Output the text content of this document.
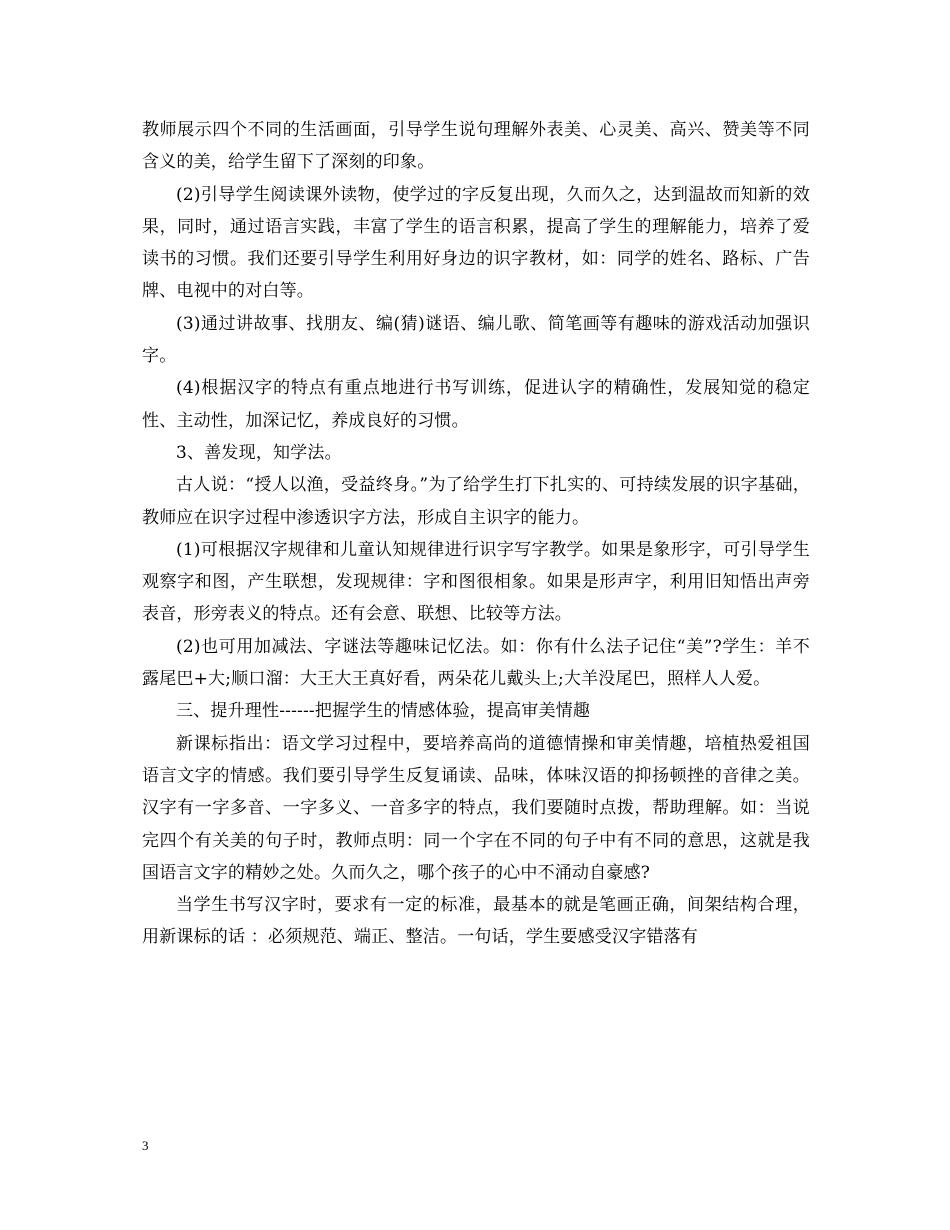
教师展示四个不同的生活画面，引导学生说句理解外表美、心灵美、高兴、赞美等不同含义的美，给学生留下了深刻的印象。

(2)引导学生阅读课外读物，使学过的字反复出现，久而久之，达到温故而知新的效果，同时，通过语言实践，丰富了学生的语言积累，提高了学生的理解能力，培养了爱读书的习惯。我们还要引导学生利用好身边的识字教材，如：同学的姓名、路标、广告牌、电视中的对白等。

(3)通过讲故事、找朋友、编(猜)谜语、编儿歌、简笔画等有趣味的游戏活动加强识字。

(4)根据汉字的特点有重点地进行书写训练，促进认字的精确性，发展知觉的稳定性、主动性，加深记忆，养成良好的习惯。

3、善发现，知学法。

古人说：“授人以渔，受益终身。”为了给学生打下扎实的、可持续发展的识字基础，教师应在识字过程中渗透识字方法，形成自主识字的能力。

(1)可根据汉字规律和儿童认知规律进行识字写字教学。如果是象形字，可引导学生观察字和图，产生联想，发现规律：字和图很相象。如果是形声字，利用旧知悟出声旁表音，形旁表义的特点。还有会意、联想、比较等方法。

(2)也可用加减法、字谜法等趣味记忆法。如：你有什么法子记住“美”?学生：羊不露尾巴+大;顺口溜：大王大王真好看，两朵花儿戴头上;大羊没尾巴，照样人人爱。

三、提升理性------把握学生的情感体验，提高审美情趣

新课标指出：语文学习过程中，要培养高尚的道德情操和审美情趣，培植热爱祖国语言文字的情感。我们要引导学生反复诵读、品味，体味汉语的抑扬顿挫的音律之美。汉字有一字多音、一字多义、一音多字的特点，我们要随时点拨，帮助理解。如：当说完四个有关美的句子时，教师点明：同一个字在不同的句子中有不同的意思，这就是我国语言文字的精妙之处。久而久之，哪个孩子的心中不涌动自豪感?

当学生书写汉字时，要求有一定的标准，最基本的就是笔画正确，间架结构合理，用新课标的话 ：必须规范、端正、整洁。一句话，学生要感受汉字错落有

3
